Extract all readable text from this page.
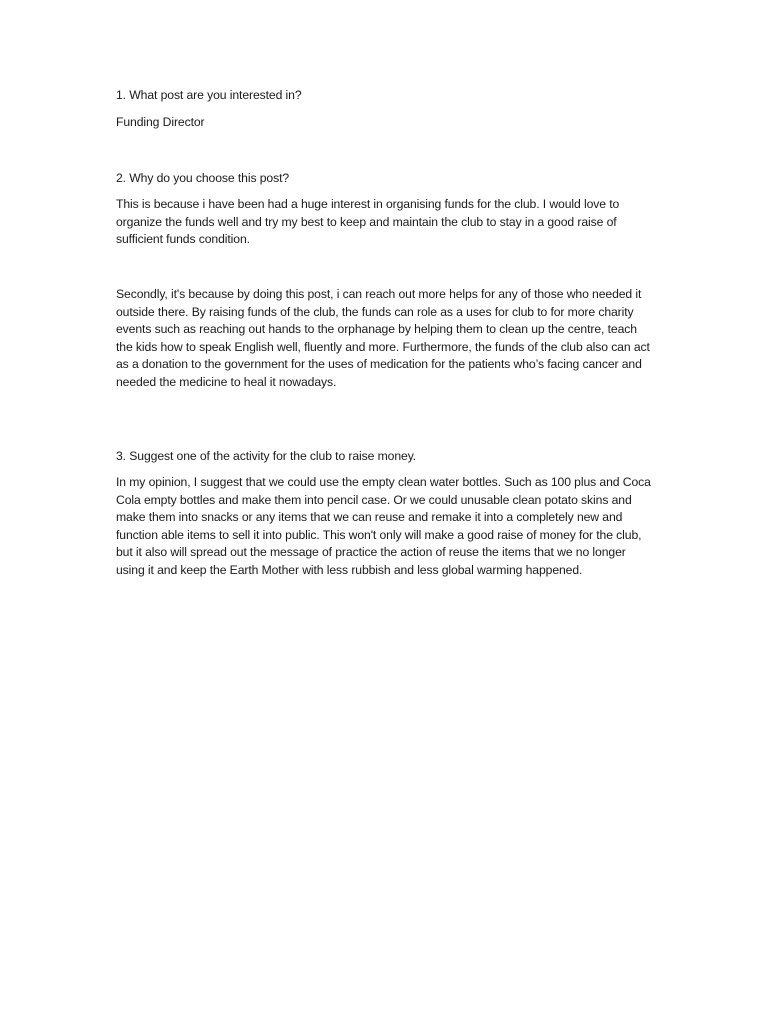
1. What post are you interested in?

Funding Director

2. Why do you choose this post?

This is because i have been had a huge interest in organising funds for the club. I would love to organize the funds well and try my best to keep and maintain the club to stay in a good raise of sufficient funds condition.

Secondly, it's because by doing this post, i can reach out more helps for any of those who needed it outside there. By raising funds of the club, the funds can role as a uses for club to for more charity events such as reaching out hands to the orphanage by helping them to clean up the centre, teach the kids how to speak English well, fluently and more. Furthermore, the funds of the club also can act as a donation to the government for the uses of medication for the patients who’s facing cancer and needed the medicine to heal it nowadays.

3. Suggest one of the activity for the club to raise money.

In my opinion, I suggest that we could use the empty clean water bottles. Such as 100 plus and Coca Cola empty bottles and make them into pencil case. Or we could unusable clean potato skins and make them into snacks or any items that we can reuse and remake it into a completely new and function able items to sell it into public. This won't only will make a good raise of money for the club, but it also will spread out the message of practice the action of reuse the items that we no longer using it and keep the Earth Mother with less rubbish and less global warming happened.
